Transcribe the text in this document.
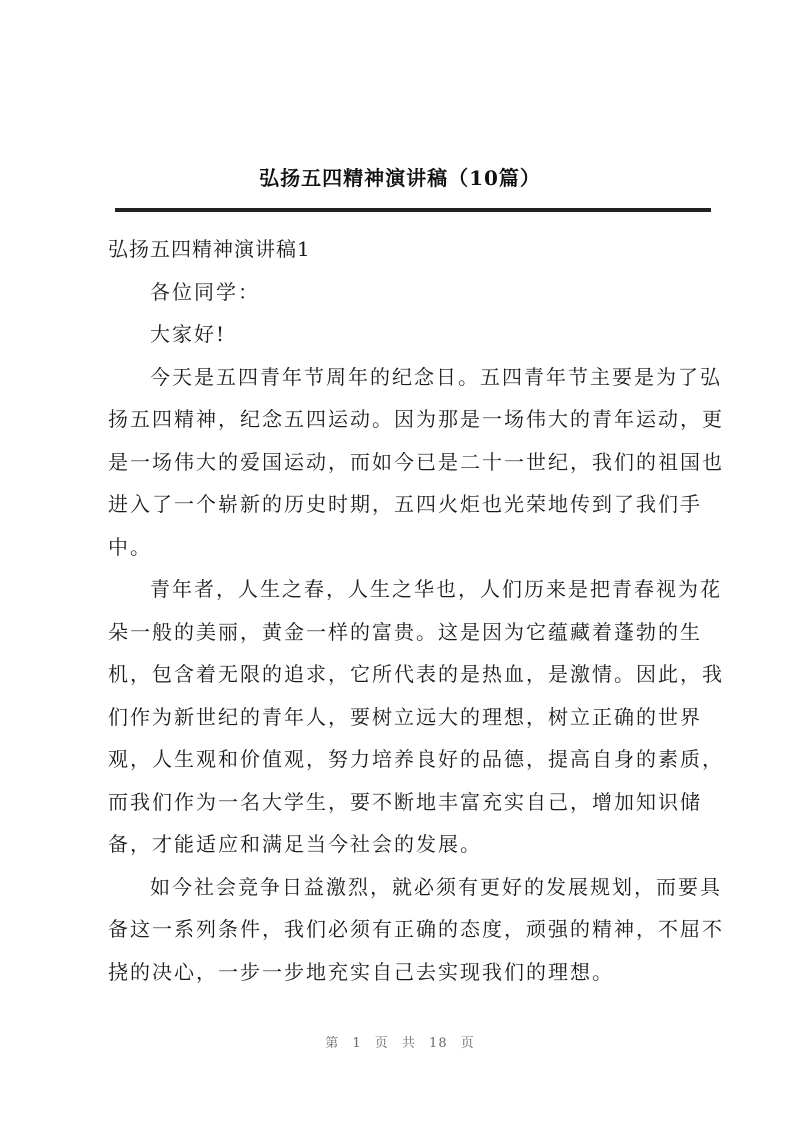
弘扬五四精神演讲稿（10篇）
弘扬五四精神演讲稿1
各位同学：
大家好!
今天是五四青年节周年的纪念日。五四青年节主要是为了弘
扬五四精神，纪念五四运动。因为那是一场伟大的青年运动，更
是一场伟大的爱国运动，而如今已是二十一世纪，我们的祖国也
进入了一个崭新的历史时期，五四火炬也光荣地传到了我们手
中。
青年者，人生之春，人生之华也，人们历来是把青春视为花
朵一般的美丽，黄金一样的富贵。这是因为它蕴藏着蓬勃的生
机，包含着无限的追求，它所代表的是热血，是激情。因此，我
们作为新世纪的青年人，要树立远大的理想，树立正确的世界
观，人生观和价值观，努力培养良好的品德，提高自身的素质，
而我们作为一名大学生，要不断地丰富充实自己，增加知识储
备，才能适应和满足当今社会的发展。
如今社会竞争日益激烈，就必须有更好的发展规划，而要具
备这一系列条件，我们必须有正确的态度，顽强的精神，不屈不
挠的决心，一步一步地充实自己去实现我们的理想。
第 1 页 共 18 页
